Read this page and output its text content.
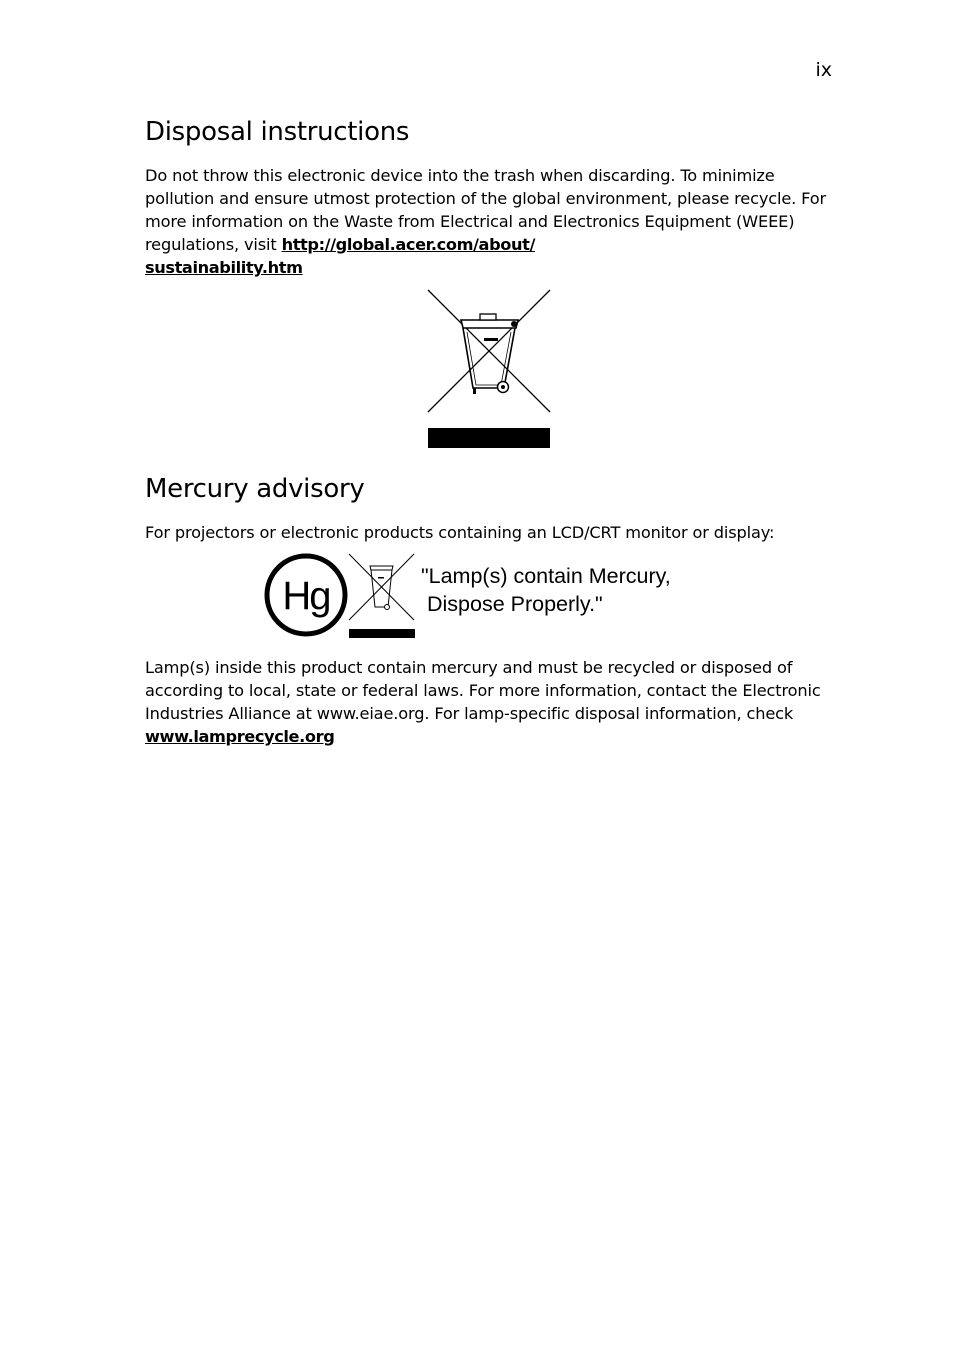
ix
Disposal instructions

Do not throw this electronic device into the trash when discarding. To minimize pollution and ensure utmost protection of the global environment, please recycle. For more information on the Waste from Electrical and Electronics Equipment (WEEE) regulations, visit http://global.acer.com/about/
sustainability.htm

Mercury advisory

For projectors or electronic products containing an LCD/CRT monitor or display:

Hg	"Lamp(s) contain Mercury,
Dispose Properly."

Lamp(s) inside this product contain mercury and must be recycled or disposed of according to local, state or federal laws. For more information, contact the Electronic Industries Alliance at www.eiae.org. For lamp-specific disposal information, check www.lamprecycle.org
